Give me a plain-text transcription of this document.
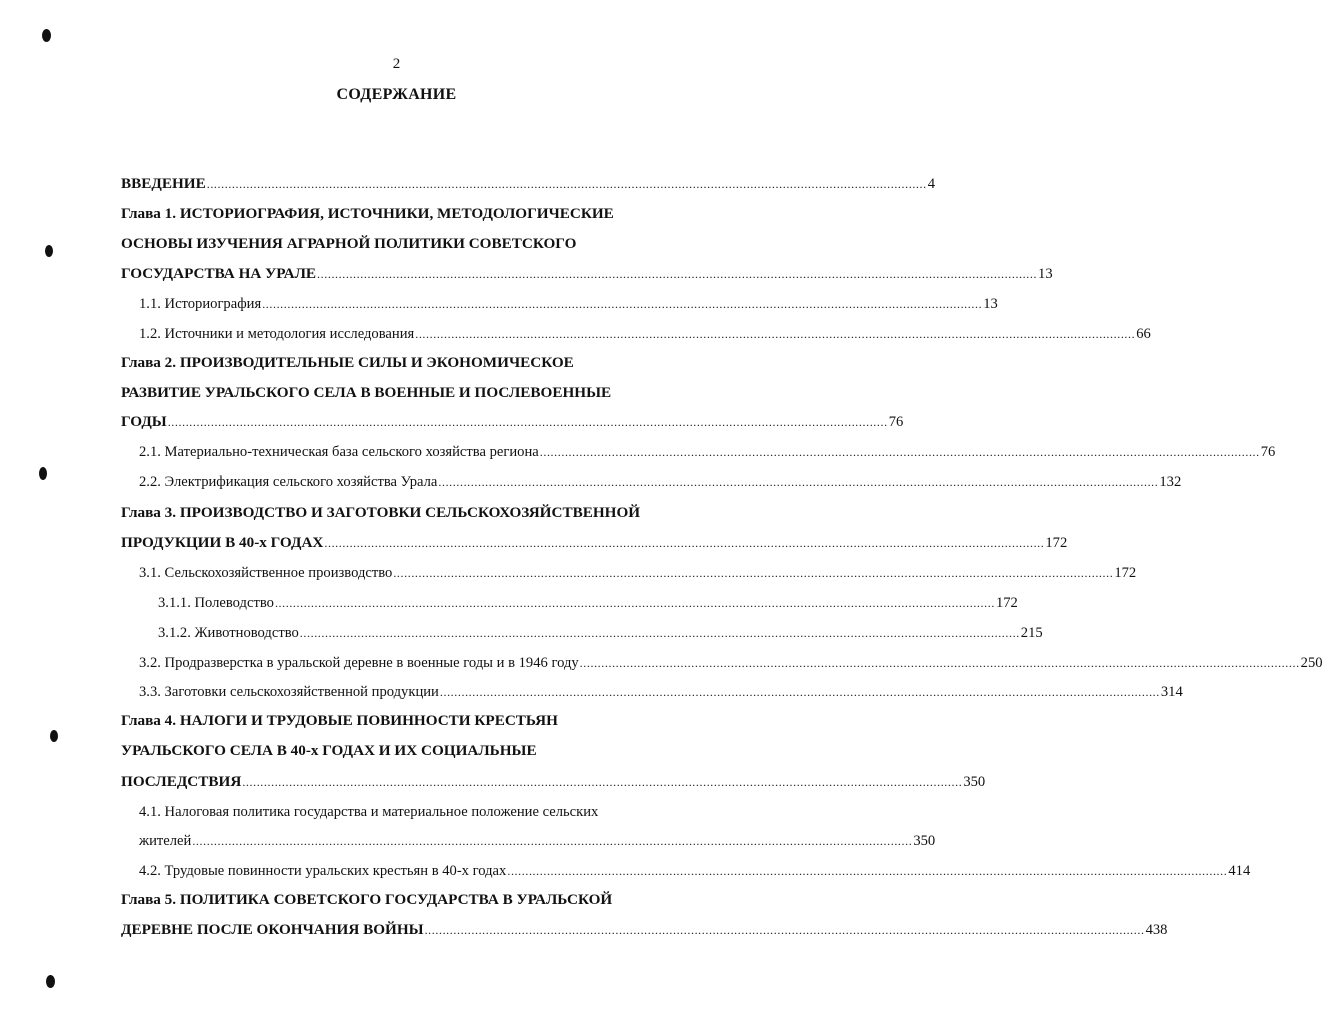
2
СОДЕРЖАНИЕ
ВВЕДЕНИЕ ........................................................................................................................................................................................................ 4
Глава 1. ИСТОРИОГРАФИЯ, ИСТОЧНИКИ, МЕТОДОЛОГИЧЕСКИЕ
ОСНОВЫ ИЗУЧЕНИЯ АГРАРНОЙ ПОЛИТИКИ СОВЕТСКОГО
ГОСУДАРСТВА НА УРАЛЕ ........................................................................................................................................................................................................ 13
1.1. Историография ........................................................................................................................................................................................................ 13
1.2. Источники и методология исследования ........................................................................................................................................................................................................ 66
Глава 2. ПРОИЗВОДИТЕЛЬНЫЕ СИЛЫ И ЭКОНОМИЧЕСКОЕ
РАЗВИТИЕ УРАЛЬСКОГО СЕЛА В ВОЕННЫЕ И ПОСЛЕВОЕННЫЕ
ГОДЫ ........................................................................................................................................................................................................ 76
2.1. Материально-техническая база сельского хозяйства региона ........................................................................................................................................................................................................ 76
2.2. Электрификация сельского хозяйства Урала ........................................................................................................................................................................................................ 132
Глава 3. ПРОИЗВОДСТВО И ЗАГОТОВКИ СЕЛЬСКОХОЗЯЙСТВЕННОЙ
ПРОДУКЦИИ В 40-х ГОДАХ ........................................................................................................................................................................................................ 172
3.1. Сельскохозяйственное производство ........................................................................................................................................................................................................ 172
3.1.1. Полеводство ........................................................................................................................................................................................................ 172
3.1.2. Животноводство ........................................................................................................................................................................................................ 215
3.2. Продразверстка в уральской деревне в военные годы и в 1946 году ........................................................................................................................................................................................................ 250
3.3. Заготовки сельскохозяйственной продукции ........................................................................................................................................................................................................ 314
Глава 4. НАЛОГИ И ТРУДОВЫЕ ПОВИННОСТИ КРЕСТЬЯН
УРАЛЬСКОГО СЕЛА В 40-х ГОДАХ И ИХ СОЦИАЛЬНЫЕ
ПОСЛЕДСТВИЯ ........................................................................................................................................................................................................ 350
4.1. Налоговая политика государства и материальное положение сельских
жителей ........................................................................................................................................................................................................ 350
4.2. Трудовые повинности уральских крестьян в 40-х годах ........................................................................................................................................................................................................ 414
Глава 5. ПОЛИТИКА СОВЕТСКОГО ГОСУДАРСТВА В УРАЛЬСКОЙ
ДЕРЕВНЕ ПОСЛЕ ОКОНЧАНИЯ ВОЙНЫ ........................................................................................................................................................................................................ 438
